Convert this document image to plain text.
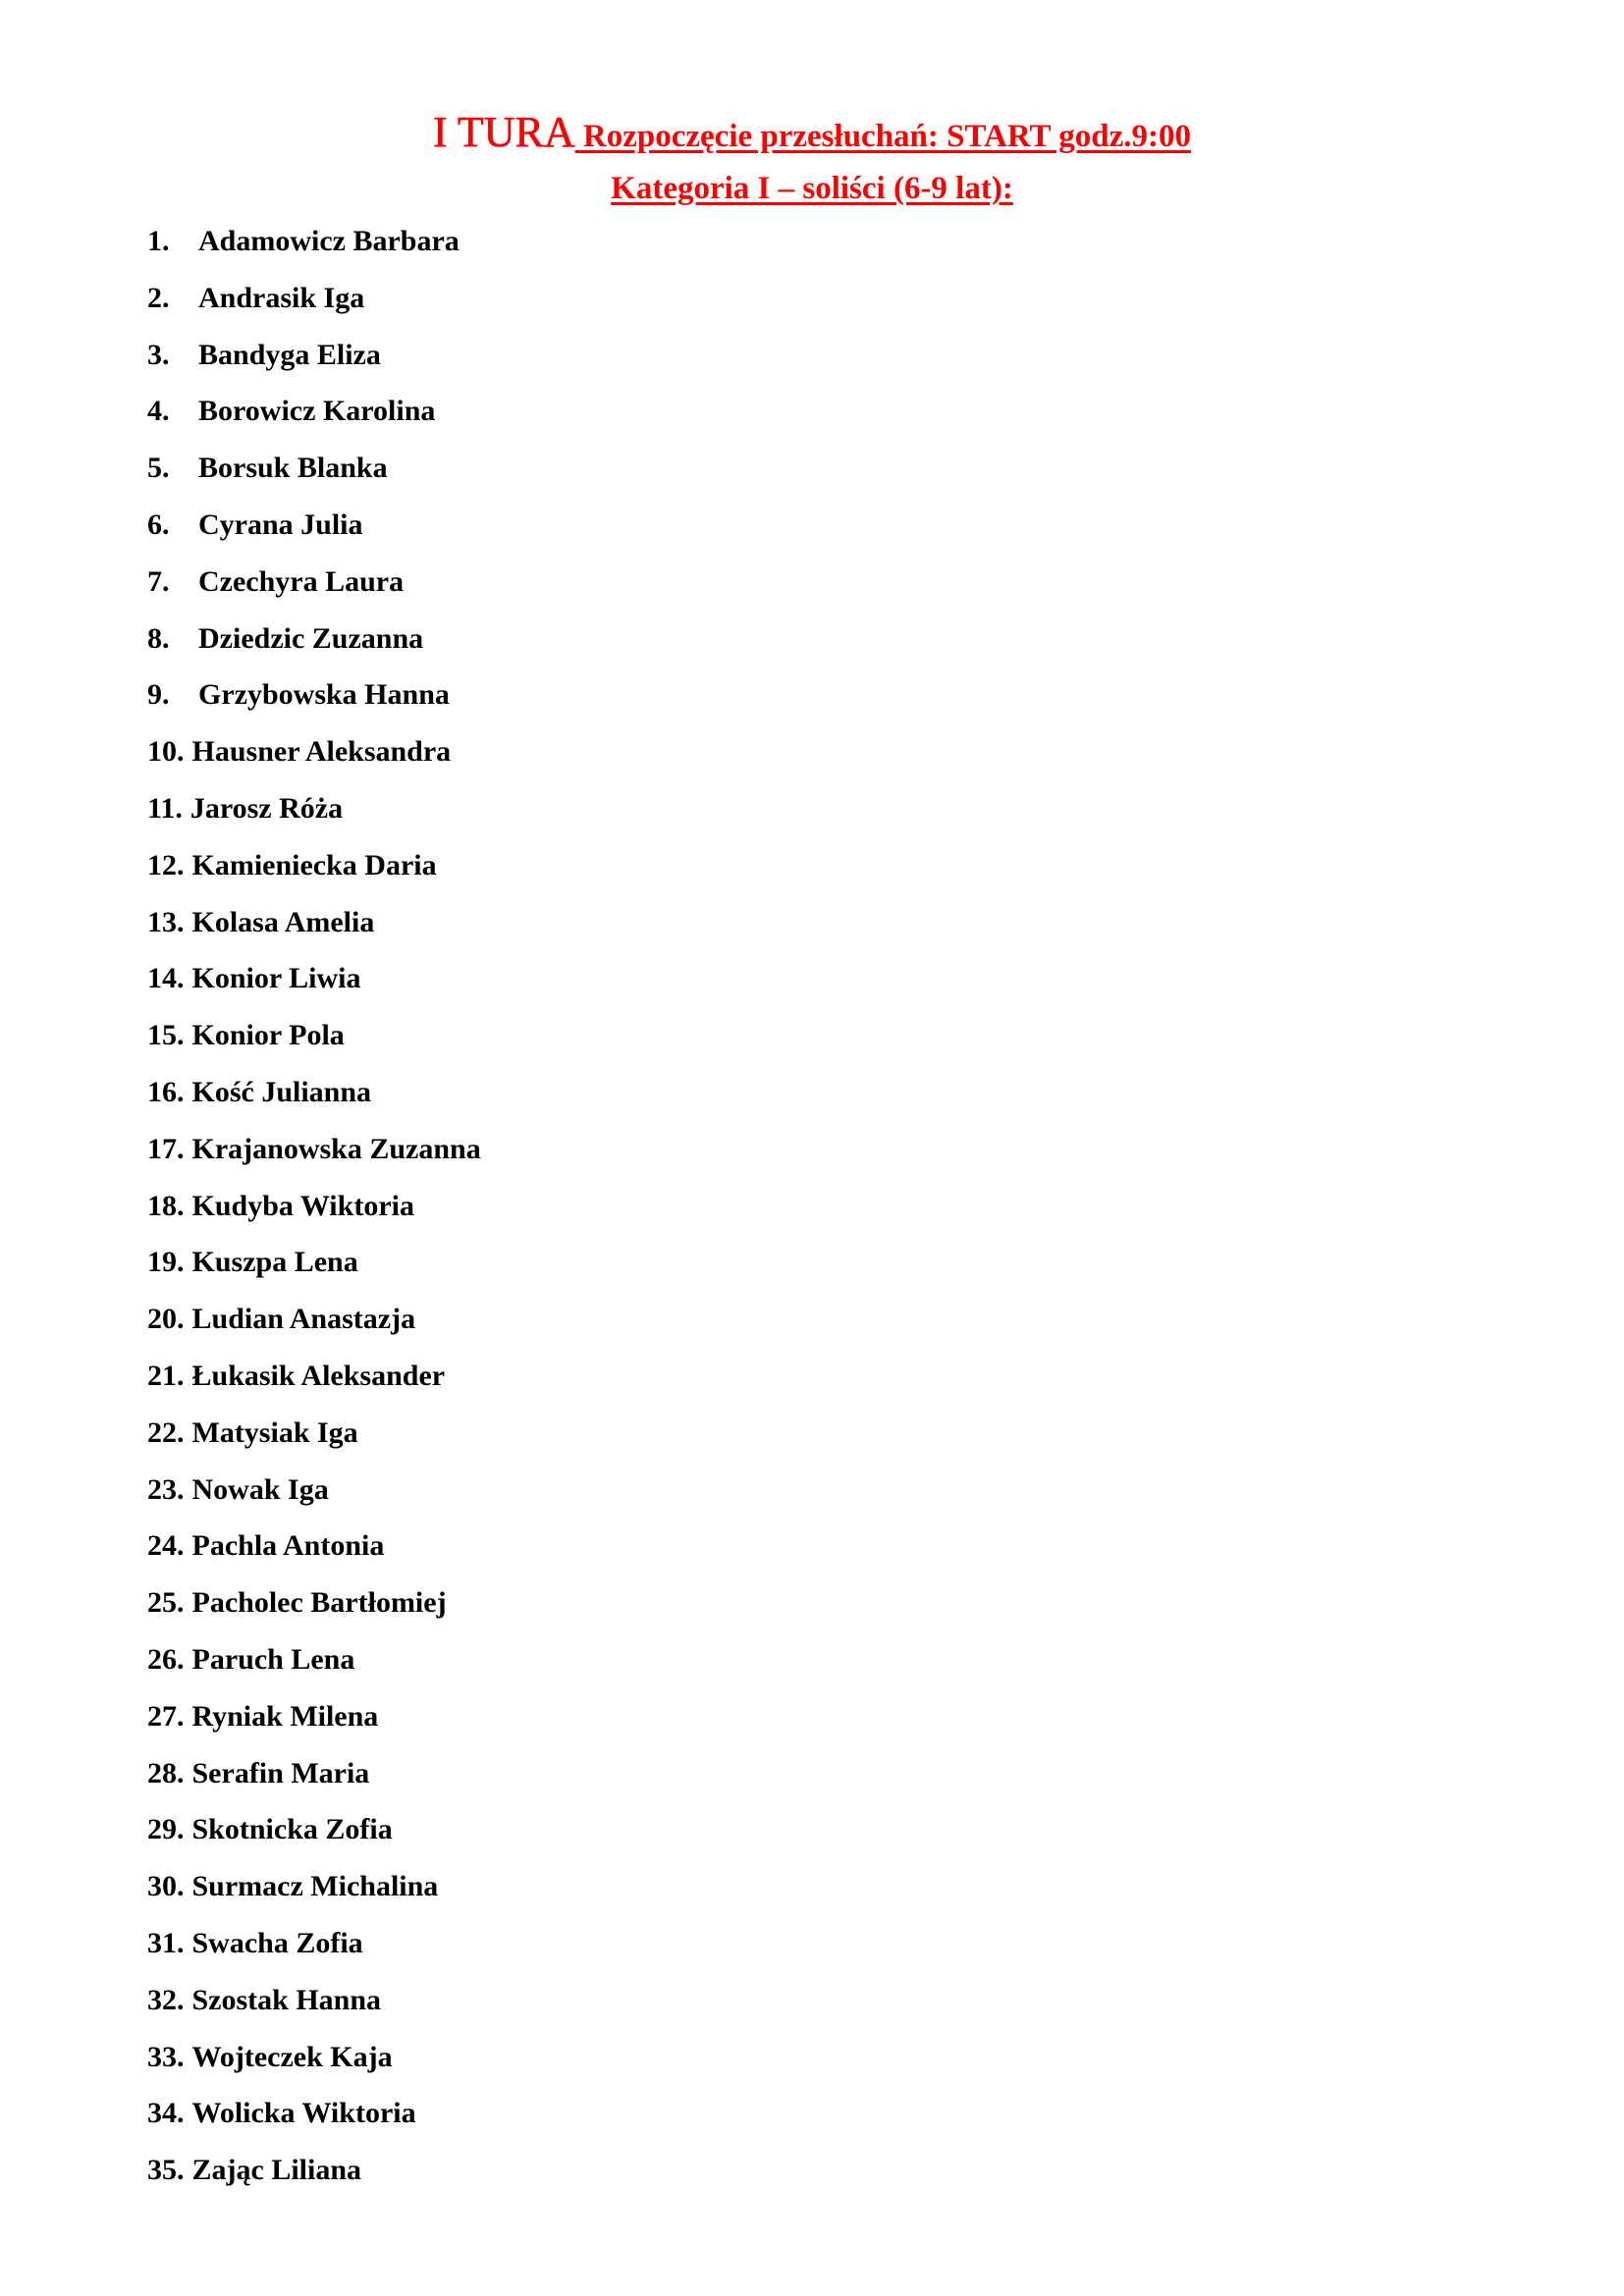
I TURA Rozpoczęcie przesłuchań: START godz.9:00
Kategoria I – soliści (6-9 lat):
1. Adamowicz Barbara
2. Andrasik Iga
3. Bandyga Eliza
4. Borowicz Karolina
5. Borsuk Blanka
6. Cyrana Julia
7. Czechyra Laura
8. Dziedzic Zuzanna
9. Grzybowska Hanna
10. Hausner Aleksandra
11. Jarosz Róża
12. Kamieniecka Daria
13. Kolasa Amelia
14. Konior Liwia
15. Konior Pola
16. Kość Julianna
17. Krajanowska Zuzanna
18. Kudyba Wiktoria
19. Kuszpa Lena
20. Ludian Anastazja
21. Łukasik Aleksander
22. Matysiak Iga
23. Nowak Iga
24. Pachla Antonia
25. Pacholec Bartłomiej
26. Paruch Lena
27. Ryniak Milena
28. Serafin Maria
29. Skotnicka Zofia
30. Surmacz Michalina
31. Swacha Zofia
32. Szostak Hanna
33. Wojteczek Kaja
34. Wolicka Wiktoria
35. Zając Liliana
